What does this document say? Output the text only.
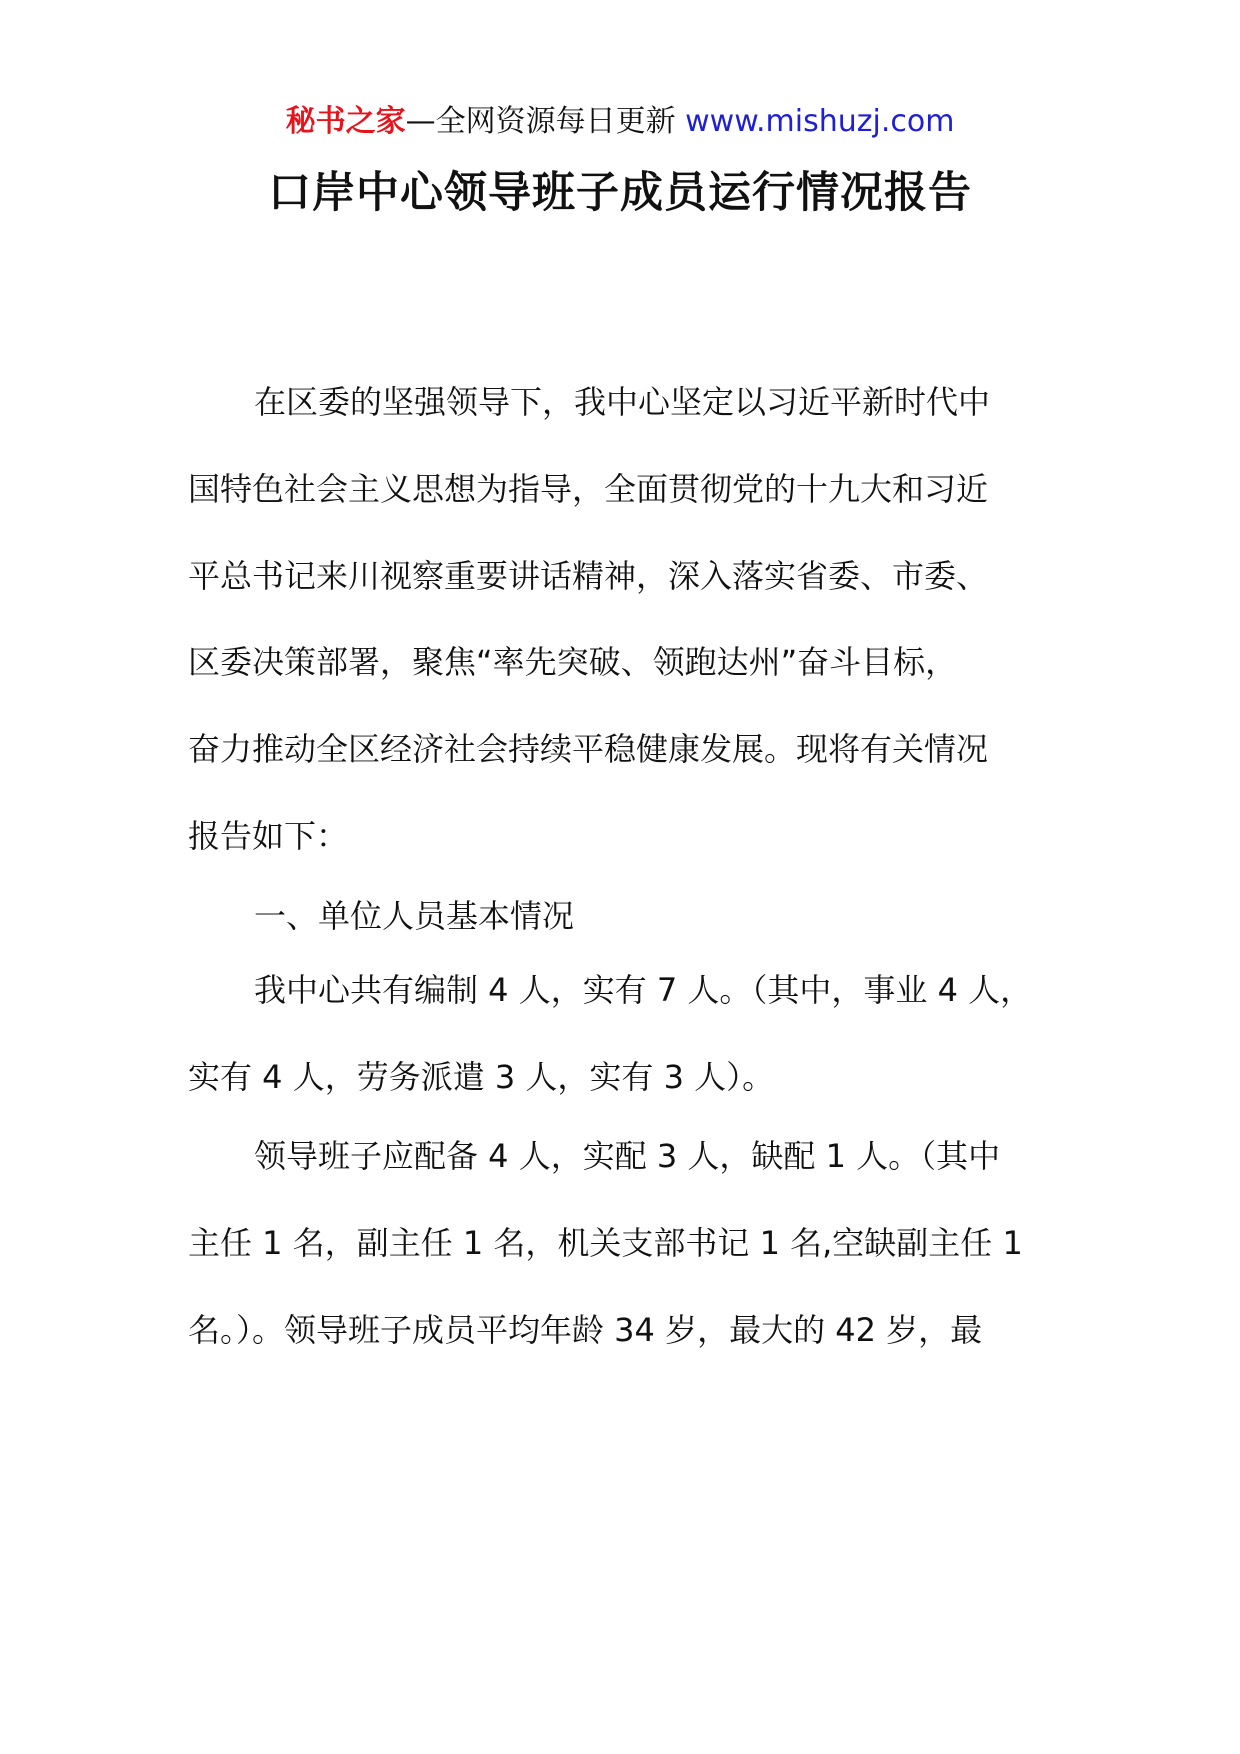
秘书之家—全网资源每日更新 www.mishuzj.com
口岸中心领导班子成员运行情况报告
在区委的坚强领导下，我中心坚定以习近平新时代中
国特色社会主义思想为指导，全面贯彻党的十九大和习近
平总书记来川视察重要讲话精神，深入落实省委、市委、
区委决策部署，聚焦“率先突破、领跑达州”奋斗目标，
奋力推动全区经济社会持续平稳健康发展。现将有关情况
报告如下：
一、单位人员基本情况
我中心共有编制 4 人，实有 7 人。（其中，事业 4 人，
实有 4 人，劳务派遣 3 人，实有 3 人）。
领导班子应配备 4 人，实配 3 人，缺配 1 人。（其中
主任 1 名，副主任 1 名，机关支部书记 1 名,空缺副主任 1
名。）。领导班子成员平均年龄 34 岁，最大的 42 岁，最
